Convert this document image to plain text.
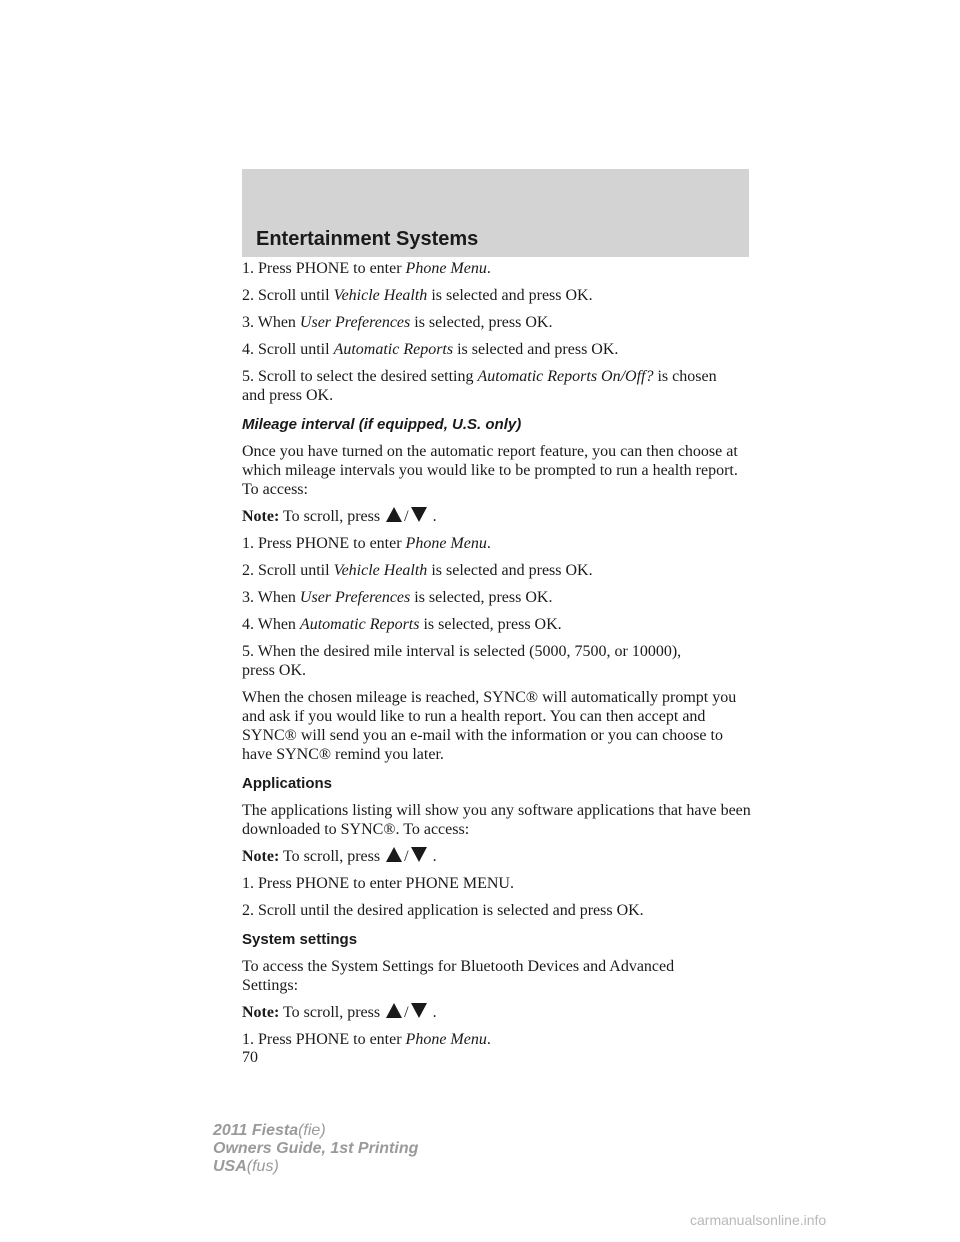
Entertainment Systems

1. Press PHONE to enter Phone Menu.

2. Scroll until Vehicle Health is selected and press OK.

3. When User Preferences is selected, press OK.

4. Scroll until Automatic Reports is selected and press OK.

5. Scroll to select the desired setting Automatic Reports On/Off? is chosen and press OK.

Mileage interval (if equipped, U.S. only)

Once you have turned on the automatic report feature, you can then choose at which mileage intervals you would like to be prompted to run a health report. To access:

Note: To scroll, press / .

1. Press PHONE to enter Phone Menu.

2. Scroll until Vehicle Health is selected and press OK.

3. When User Preferences is selected, press OK.

4. When Automatic Reports is selected, press OK.

5. When the desired mile interval is selected (5000, 7500, or 10000), press OK.

When the chosen mileage is reached, SYNC® will automatically prompt you and ask if you would like to run a health report. You can then accept and SYNC® will send you an e-mail with the information or you can choose to have SYNC® remind you later.

Applications

The applications listing will show you any software applications that have been downloaded to SYNC®. To access:

Note: To scroll, press / .

1. Press PHONE to enter PHONE MENU.

2. Scroll until the desired application is selected and press OK.

System settings

To access the System Settings for Bluetooth Devices and Advanced Settings:

Note: To scroll, press / .

1. Press PHONE to enter Phone Menu.

70
2011 Fiesta(fie)
Owners Guide, 1st Printing
USA(fus)
carmanualsonline.info
